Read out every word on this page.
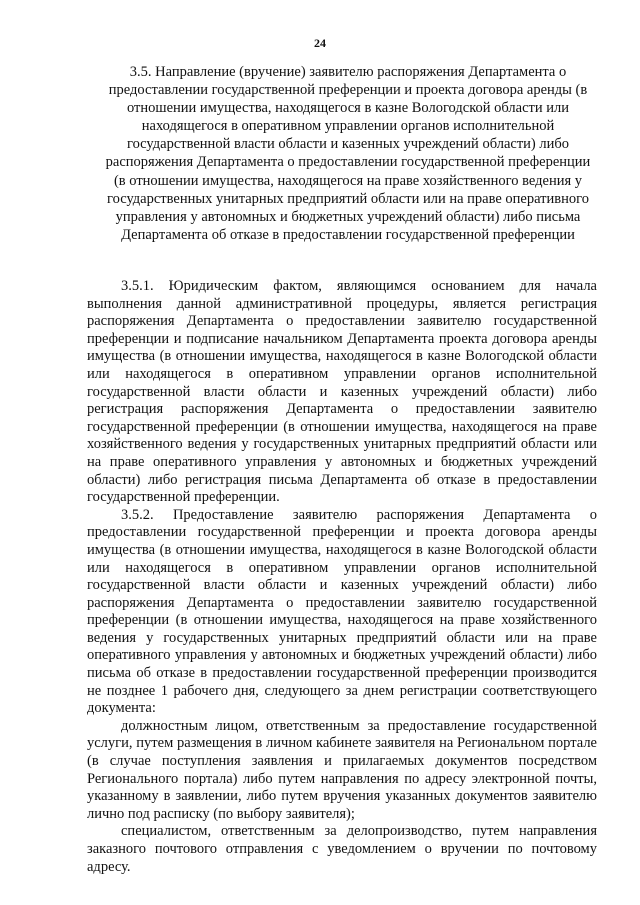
24
3.5. Направление (вручение) заявителю распоряжения Департамента о предоставлении государственной преференции и проекта договора аренды (в отношении имущества, находящегося в казне Вологодской области или находящегося в оперативном управлении органов исполнительной государственной власти области и казенных учреждений области) либо распоряжения Департамента о предоставлении государственной преференции (в отношении имущества, находящегося на праве хозяйственного ведения у государственных унитарных предприятий области или на праве оперативного управления у автономных и бюджетных учреждений области) либо письма Департамента об отказе в предоставлении государственной преференции

3.5.1. Юридическим фактом, являющимся основанием для начала выполнения данной административной процедуры, является регистрация распоряжения Департамента о предоставлении заявителю государственной преференции и подписание начальником Департамента проекта договора аренды имущества (в отношении имущества, находящегося в казне Вологодской области или находящегося в оперативном управлении органов исполнительной государственной власти области и казенных учреждений области) либо регистрация распоряжения Департамента о предоставлении заявителю государственной преференции (в отношении имущества, находящегося на праве хозяйственного ведения у государственных унитарных предприятий области или на праве оперативного управления у автономных и бюджетных учреждений области) либо регистрация письма Департамента об отказе в предоставлении государственной преференции.

3.5.2. Предоставление заявителю распоряжения Департамента о предоставлении государственной преференции и проекта договора аренды имущества (в отношении имущества, находящегося в казне Вологодской области или находящегося в оперативном управлении органов исполнительной государственной власти области и казенных учреждений области) либо распоряжения Департамента о предоставлении заявителю государственной преференции (в отношении имущества, находящегося на праве хозяйственного ведения у государственных унитарных предприятий области или на праве оперативного управления у автономных и бюджетных учреждений области) либо письма об отказе в предоставлении государственной преференции производится не позднее 1 рабочего дня, следующего за днем регистрации соответствующего документа:

должностным лицом, ответственным за предоставление государственной услуги, путем размещения в личном кабинете заявителя на Региональном портале (в случае поступления заявления и прилагаемых документов посредством Регионального портала) либо путем направления по адресу электронной почты, указанному в заявлении, либо путем вручения указанных документов заявителю лично под расписку (по выбору заявителя);

специалистом, ответственным за делопроизводство, путем направления заказного почтового отправления с уведомлением о вручении по почтовому адресу.
